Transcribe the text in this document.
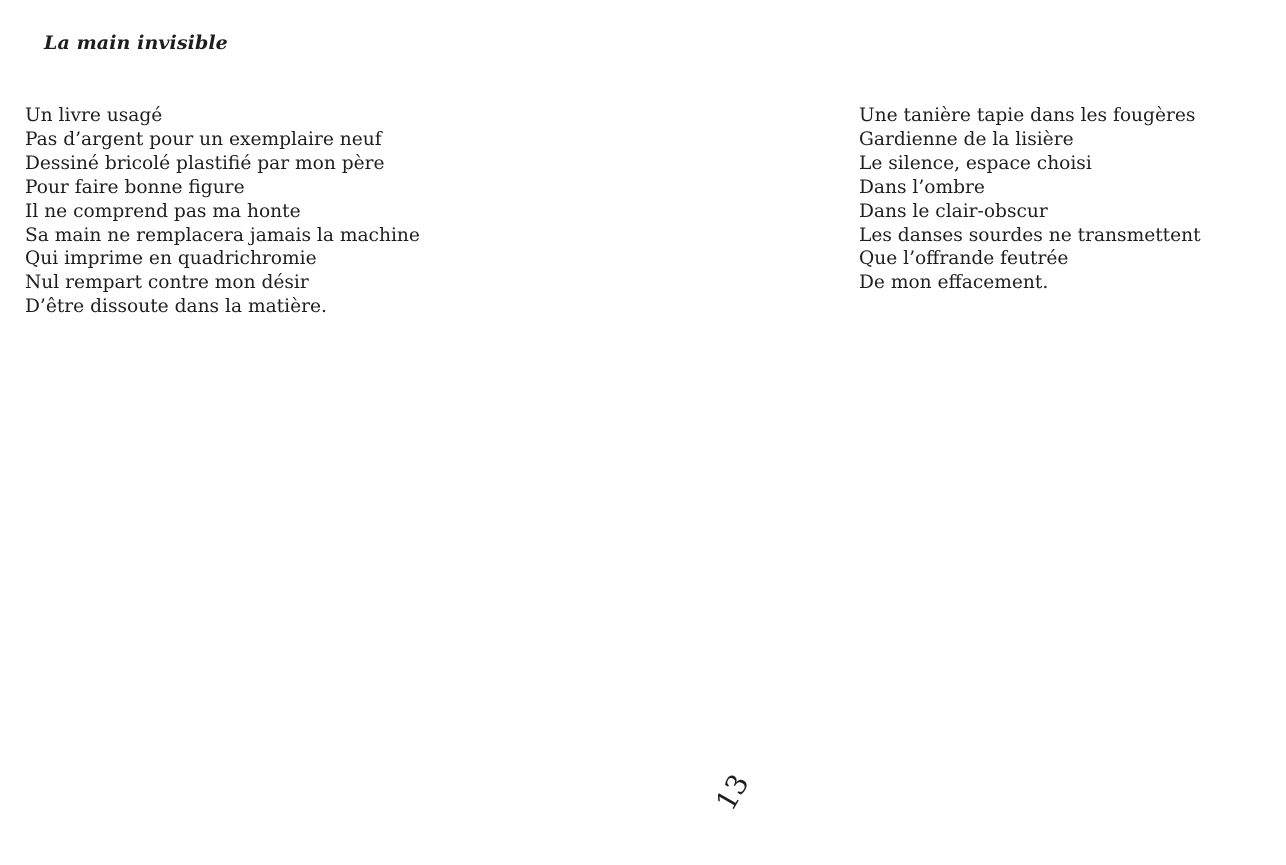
La main invisible
Un livre usagé
Pas d’argent pour un exemplaire neuf
Dessiné bricolé plastifié par mon père
Pour faire bonne figure
Il ne comprend pas ma honte
Sa main ne remplacera jamais la machine
Qui imprime en quadrichromie
Nul rempart contre mon désir
D’être dissoute dans la matière.
Une tanière tapie dans les fougères
Gardienne de la lisière
Le silence, espace choisi
Dans l’ombre
Dans le clair-obscur
Les danses sourdes ne transmettent
Que l’offrande feutrée
De mon effacement.
13
